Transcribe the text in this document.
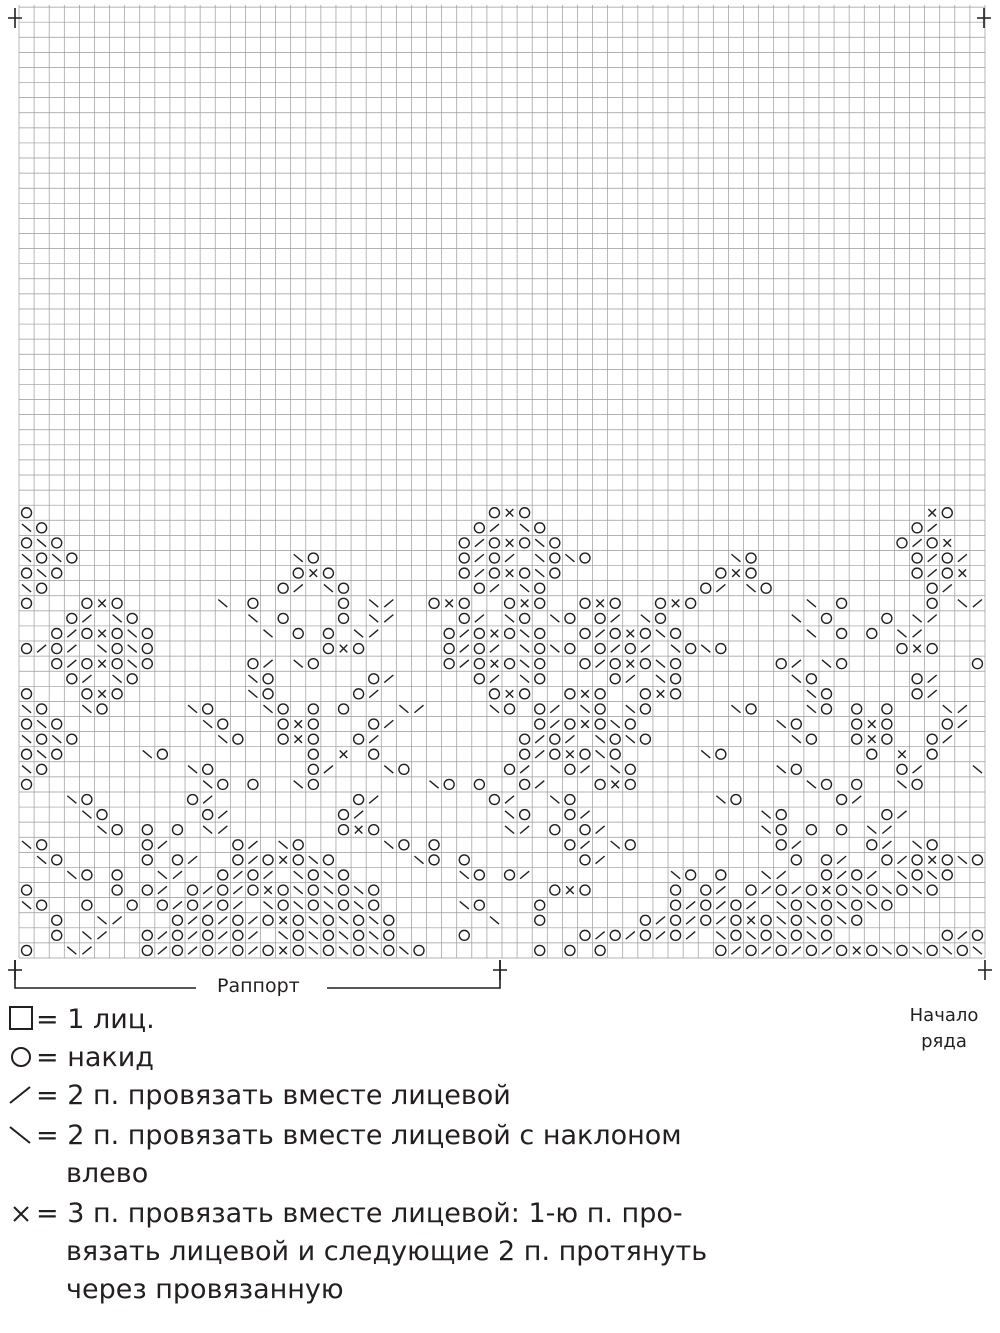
Раппорт
Начало
ряда
= 1 лиц.
= накид
= 2 п. провязать вместе лицевой
= 2 п. провязать вместе лицевой с наклоном
влево
= 3 п. провязать вместе лицевой: 1-ю п. про-
вязать лицевой и следующие 2 п. протянуть
через провязанную
